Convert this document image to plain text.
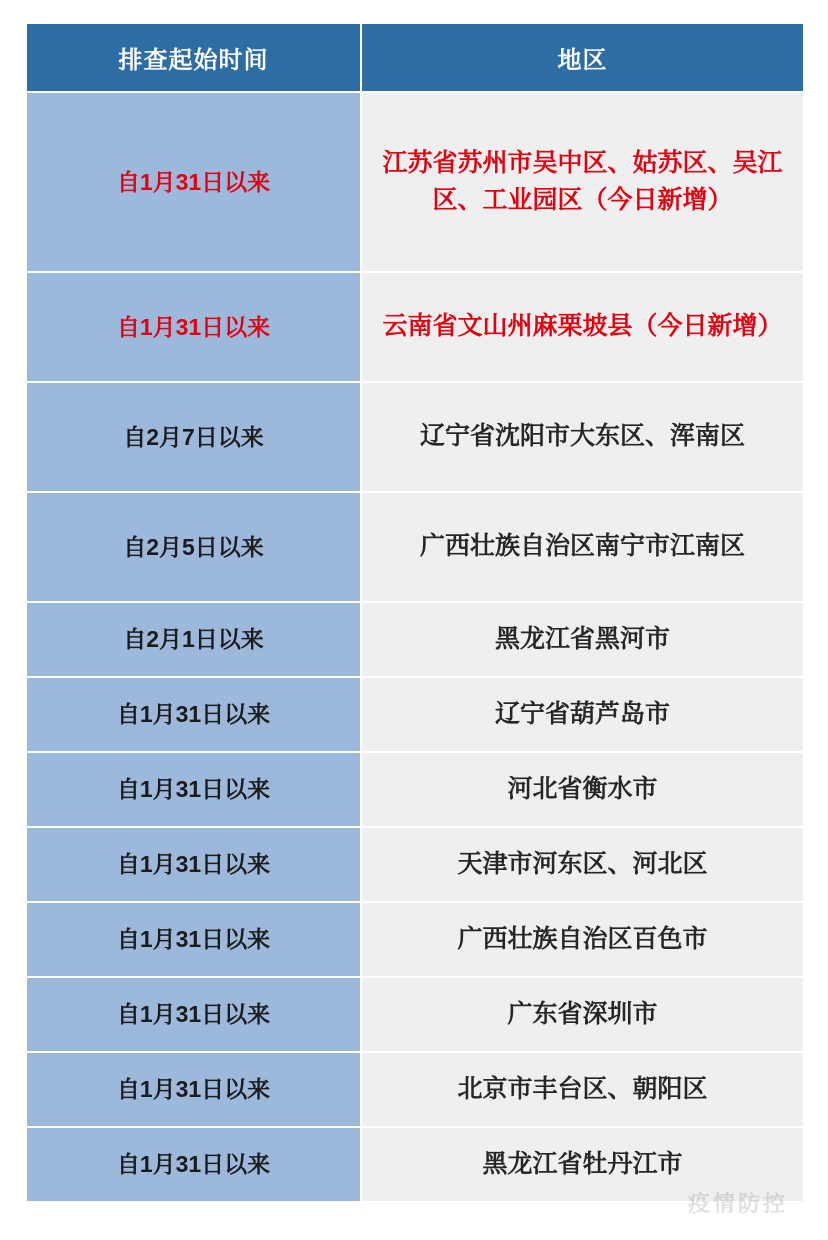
排查起始时间	地区
自1月31日以来	江苏省苏州市吴中区、姑苏区、吴江区、工业园区（今日新增）
自1月31日以来	云南省文山州麻栗坡县（今日新增）
自2月7日以来	辽宁省沈阳市大东区、浑南区
自2月5日以来	广西壮族自治区南宁市江南区
自2月1日以来	黑龙江省黑河市
自1月31日以来	辽宁省葫芦岛市
自1月31日以来	河北省衡水市
自1月31日以来	天津市河东区、河北区
自1月31日以来	广西壮族自治区百色市
自1月31日以来	广东省深圳市
自1月31日以来	北京市丰台区、朝阳区
自1月31日以来	黑龙江省牡丹江市
疫情防控
